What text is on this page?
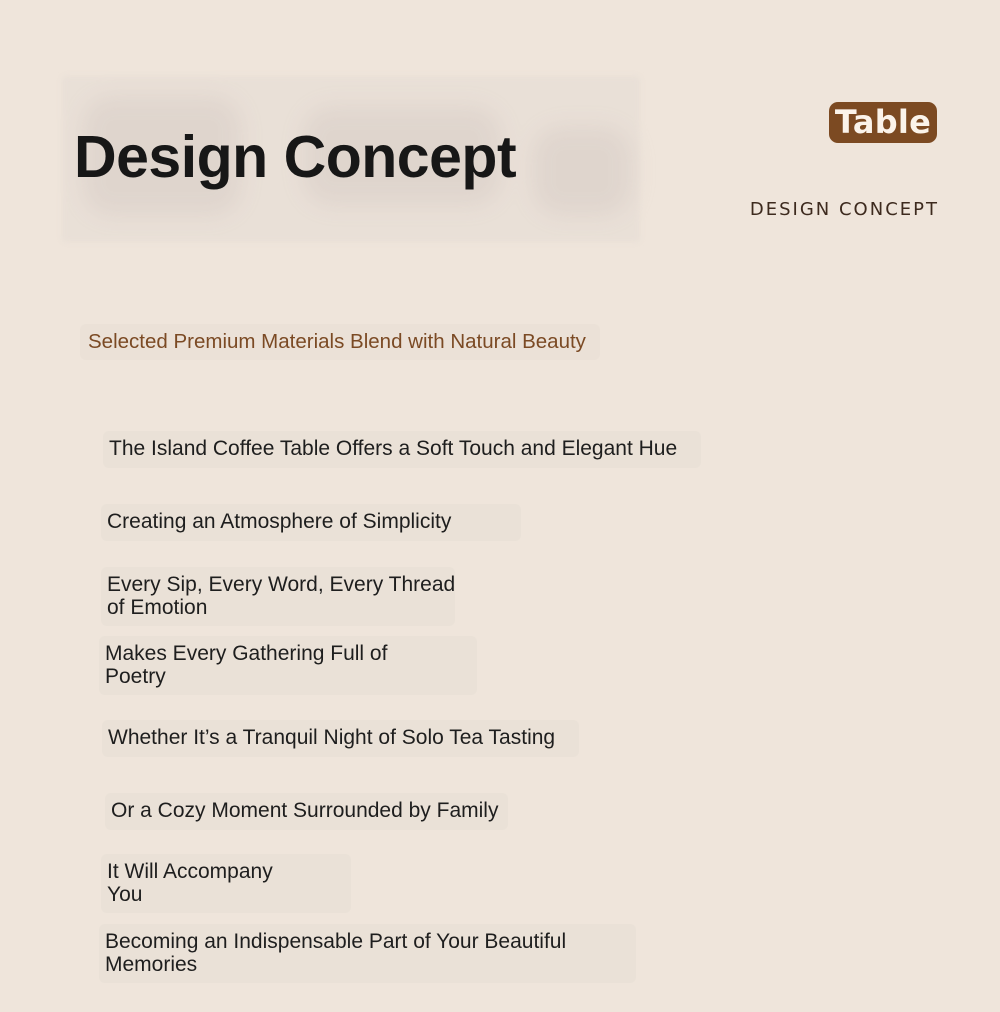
Design Concept
Table
DESIGN CONCEPT
Selected Premium Materials Blend with Natural Beauty

The Island Coffee Table Offers a Soft Touch and Elegant Hue

Creating an Atmosphere of Simplicity

Every Sip, Every Word, Every Thread
of Emotion

Makes Every Gathering Full of
Poetry

Whether It’s a Tranquil Night of Solo Tea Tasting

Or a Cozy Moment Surrounded by Family

It Will Accompany
You

Becoming an Indispensable Part of Your Beautiful
Memories
